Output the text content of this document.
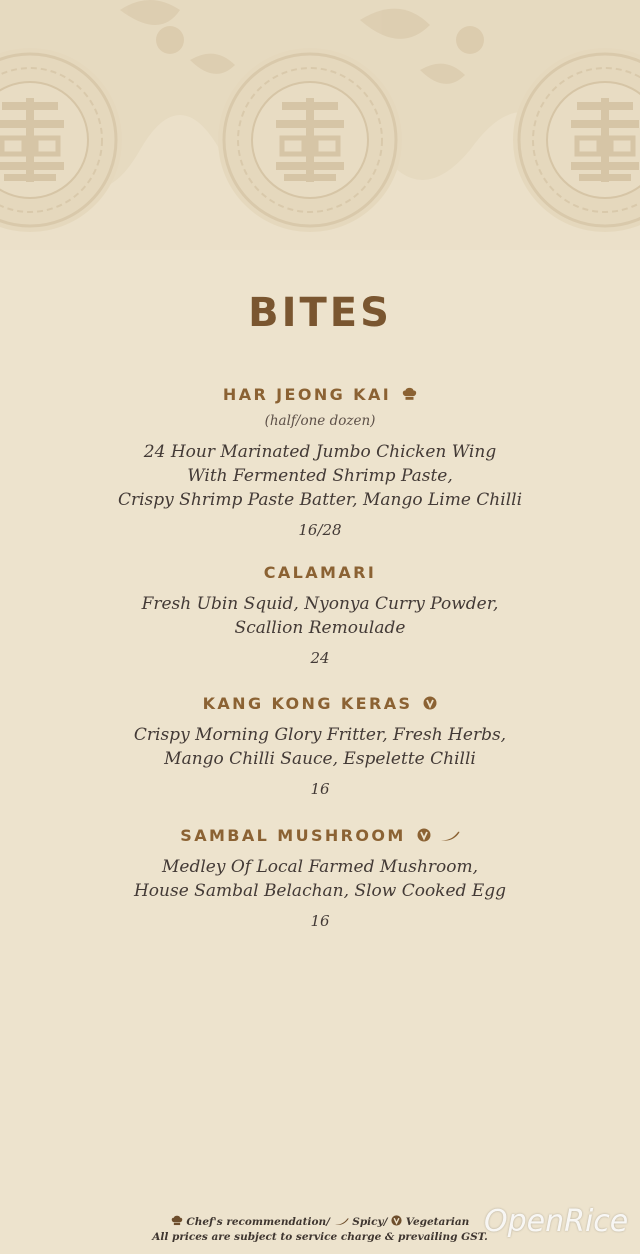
BITES
HAR JEONG KAI
(half/one dozen)
24 Hour Marinated Jumbo Chicken Wing
With Fermented Shrimp Paste,
Crispy Shrimp Paste Batter, Mango Lime Chilli
16/28
CALAMARI
Fresh Ubin Squid, Nyonya Curry Powder,
Scallion Remoulade
24
KANG KONG KERAS
Crispy Morning Glory Fritter, Fresh Herbs,
Mango Chilli Sauce, Espelette Chilli
16
SAMBAL MUSHROOM
Medley Of Local Farmed Mushroom,
House Sambal Belachan, Slow Cooked Egg
16
Chef's recommendation/ Spicy/ Vegetarian
All prices are subject to service charge & prevailing GST.
OpenRice
